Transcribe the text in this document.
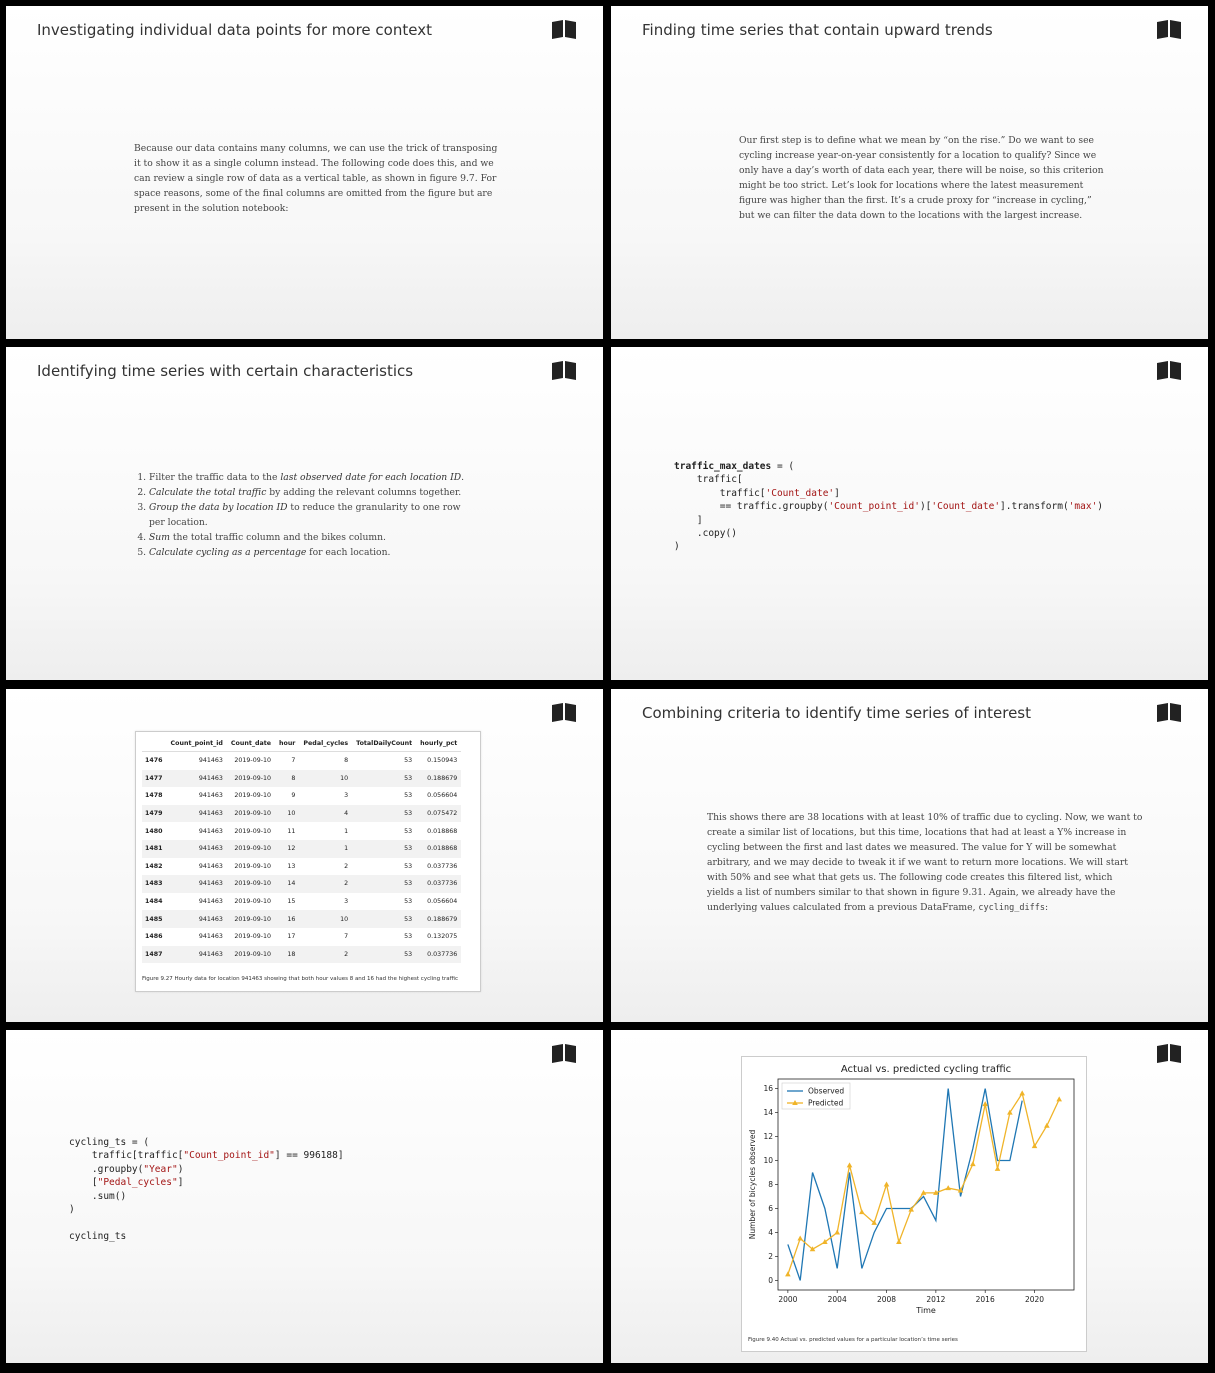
Investigating individual data points for more context
Because our data contains many columns, we can use the trick of transposing
it to show it as a single column instead. The following code does this, and we
can review a single row of data as a vertical table, as shown in figure 9.7. For
space reasons, some of the final columns are omitted from the figure but are
present in the solution notebook:
Finding time series that contain upward trends
Our first step is to define what we mean by “on the rise.” Do we want to see
cycling increase year-on-year consistently for a location to qualify? Since we
only have a day’s worth of data each year, there will be noise, so this criterion
might be too strict. Let’s look for locations where the latest measurement
figure was higher than the first. It’s a crude proxy for “increase in cycling,”
but we can filter the data down to the locations with the largest increase.
Identifying time series with certain characteristics
1. Filter the traffic data to the last observed date for each location ID.
2. Calculate the total traffic by adding the relevant columns together.
3. Group the data by location ID to reduce the granularity to one row per location.
4. Sum the total traffic column and the bikes column.
5. Calculate cycling as a percentage for each location.
traffic_max_dates = (
traffic[
traffic['Count_date']
== traffic.groupby('Count_point_id')['Count_date'].transform('max')
]
.copy()
)
	Count_point_id	Count_date	hour	Pedal_cycles	TotalDailyCount	hourly_pct
1476	941463	2019-09-10	7	8	53	0.150943
1477	941463	2019-09-10	8	10	53	0.188679
1478	941463	2019-09-10	9	3	53	0.056604
1479	941463	2019-09-10	10	4	53	0.075472
1480	941463	2019-09-10	11	1	53	0.018868
1481	941463	2019-09-10	12	1	53	0.018868
1482	941463	2019-09-10	13	2	53	0.037736
1483	941463	2019-09-10	14	2	53	0.037736
1484	941463	2019-09-10	15	3	53	0.056604
1485	941463	2019-09-10	16	10	53	0.188679
1486	941463	2019-09-10	17	7	53	0.132075
1487	941463	2019-09-10	18	2	53	0.037736
Figure 9.27 Hourly data for location 941463 showing that both hour values 8 and 16 had the highest cycling traffic
Combining criteria to identify time series of interest
This shows there are 38 locations with at least 10% of traffic due to cycling. Now, we want to
create a similar list of locations, but this time, locations that had at least a Y% increase in
cycling between the first and last dates we measured. The value for Y will be somewhat
arbitrary, and we may decide to tweak it if we want to return more locations. We will start
with 50% and see what that gets us. The following code creates this filtered list, which
yields a list of numbers similar to that shown in figure 9.31. Again, we already have the
underlying values calculated from a previous DataFrame, cycling_diffs:
cycling_ts = (
traffic[traffic["Count_point_id"] == 996188]
.groupby("Year")
["Pedal_cycles"]
.sum()
)

cycling_ts
Actual vs. predicted cycling traffic
2000	2004	2008	2012	2016	2020
0
2
4
6
8
10
12
14
16
Time
Number of bicycles observed
Observed
Predicted
Figure 9.40 Actual vs. predicted values for a particular location’s time series
